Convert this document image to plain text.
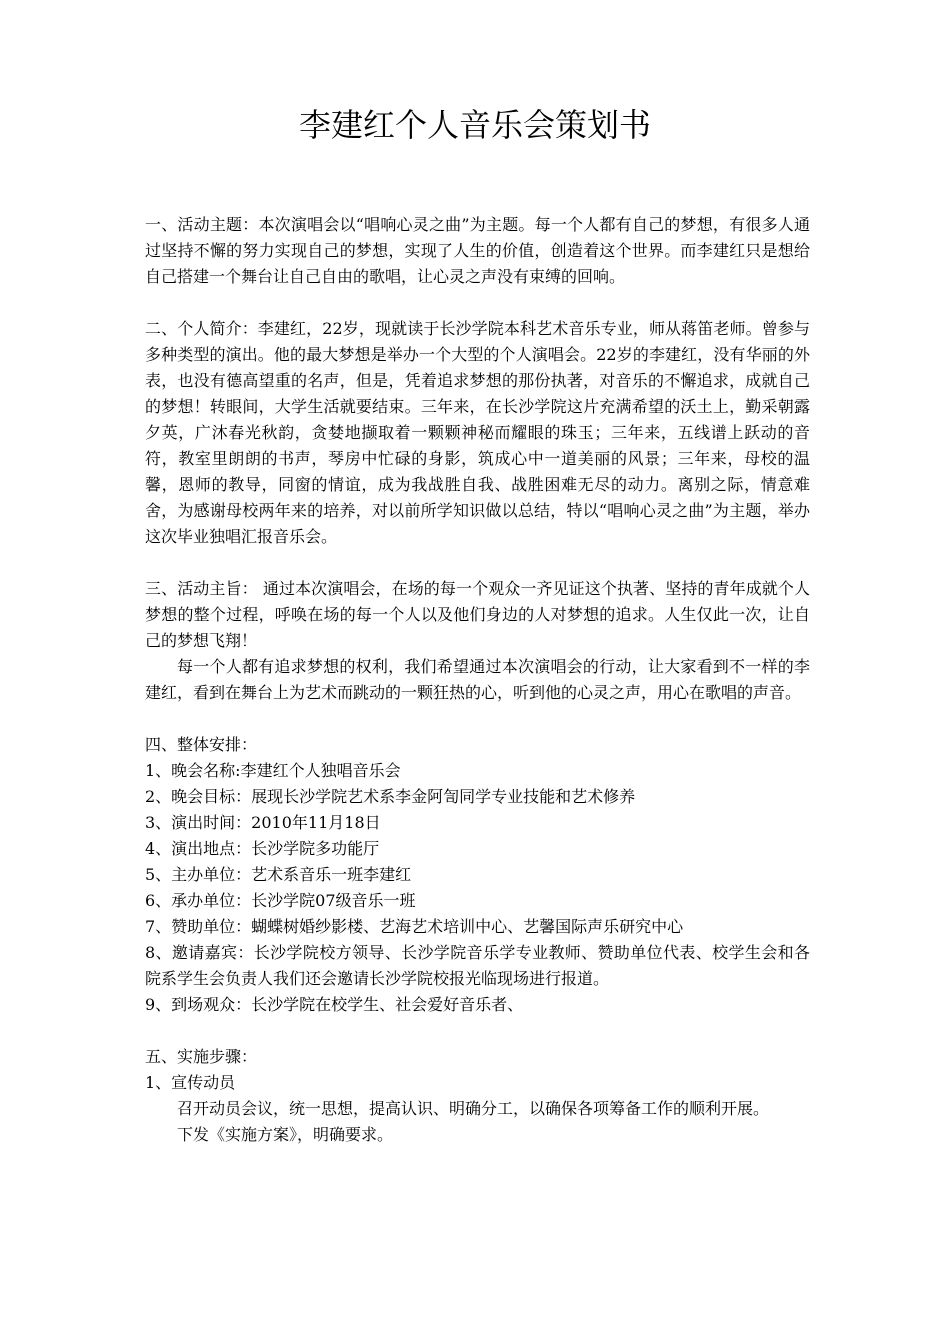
李建红个人音乐会策划书

一、活动主题：本次演唱会以“唱响心灵之曲”为主题。每一个人都有自己的梦想，有很多人通过坚持不懈的努力实现自己的梦想，实现了人生的价值，创造着这个世界。而李建红只是想给自己搭建一个舞台让自己自由的歌唱，让心灵之声没有束缚的回响。

二、个人简介：李建红，22岁，现就读于长沙学院本科艺术音乐专业，师从蒋笛老师。曾参与多种类型的演出。他的最大梦想是举办一个大型的个人演唱会。22岁的李建红，没有华丽的外表，也没有德高望重的名声，但是，凭着追求梦想的那份执著，对音乐的不懈追求，成就自己的梦想！转眼间，大学生活就要结束。三年来，在长沙学院这片充满希望的沃土上，勤采朝露夕英，广沐春光秋韵，贪婪地撷取着一颗颗神秘而耀眼的珠玉；三年来，五线谱上跃动的音符，教室里朗朗的书声，琴房中忙碌的身影，筑成心中一道美丽的风景；三年来，母校的温馨，恩师的教导，同窗的情谊，成为我战胜自我、战胜困难无尽的动力。离别之际，情意难舍，为感谢母校两年来的培养，对以前所学知识做以总结，特以“唱响心灵之曲”为主题，举办这次毕业独唱汇报音乐会。

三、活动主旨： 通过本次演唱会，在场的每一个观众一齐见证这个执著、坚持的青年成就个人梦想的整个过程，呼唤在场的每一个人以及他们身边的人对梦想的追求。人生仅此一次，让自己的梦想飞翔！

每一个人都有追求梦想的权利，我们希望通过本次演唱会的行动，让大家看到不一样的李建红，看到在舞台上为艺术而跳动的一颗狂热的心，听到他的心灵之声，用心在歌唱的声音。

四、整体安排：

1、晚会名称:李建红个人独唱音乐会

2、晚会目标：展现长沙学院艺术系李金阿訇同学专业技能和艺术修养

3、演出时间：2010年11月18日

4、演出地点：长沙学院多功能厅

5、主办单位：艺术系音乐一班李建红

6、承办单位：长沙学院07级音乐一班

7、赞助单位：蝴蝶树婚纱影楼、艺海艺术培训中心、艺馨国际声乐研究中心

8、邀请嘉宾：长沙学院校方领导、长沙学院音乐学专业教师、赞助单位代表、校学生会和各院系学生会负责人我们还会邀请长沙学院校报光临现场进行报道。

9、到场观众：长沙学院在校学生、社会爱好音乐者、

五、实施步骤：

1、宣传动员

召开动员会议，统一思想，提高认识、明确分工，以确保各项筹备工作的顺利开展。

下发《实施方案》，明确要求。
